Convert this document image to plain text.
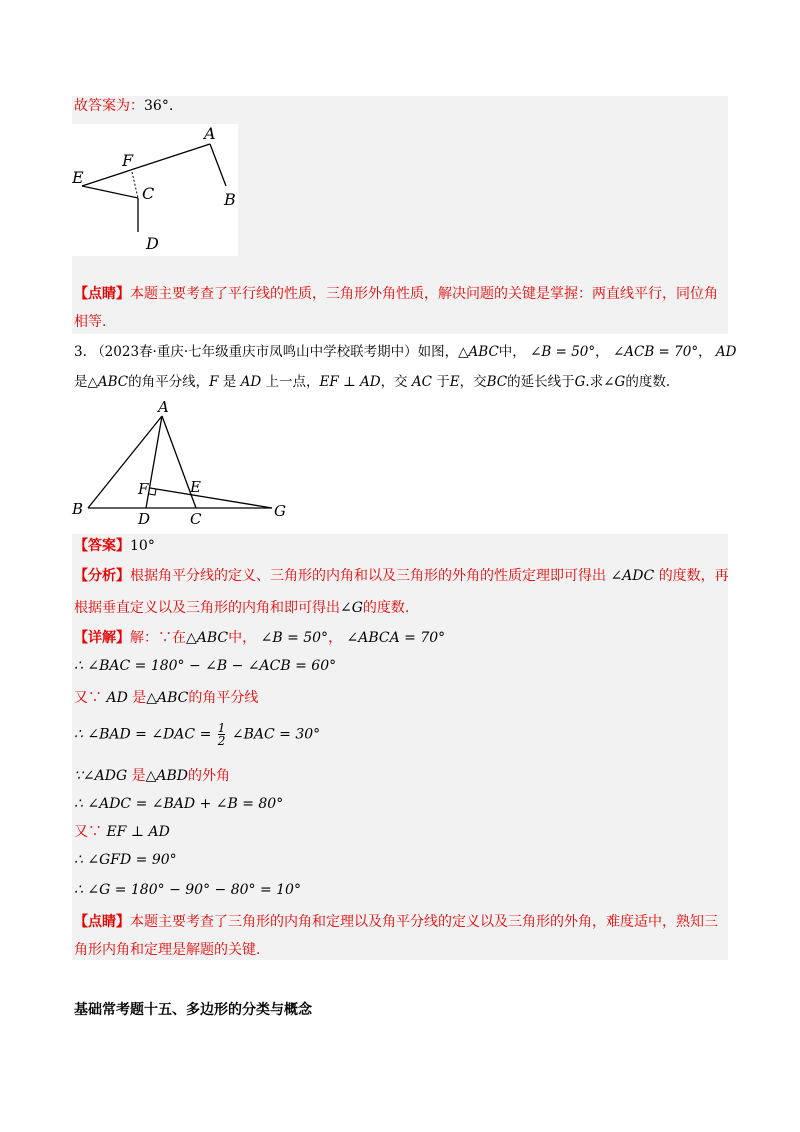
故答案为：36°.
A
B
C
D
E
F
【点睛】本题主要考查了平行线的性质，三角形外角性质，解决问题的关键是掌握：两直线平行，同位角
相等.
3. （2023春·重庆·七年级重庆市凤鸣山中学校联考期中）如图，△ABC中， ∠B = 50°， ∠ACB = 70°， AD
是△ABC的角平分线，F 是 AD 上一点，EF ⊥ AD，交 AC 于E，交BC的延长线于G.求∠G的度数.
A
B
C
D
E
F
G
【答案】10°
【分析】根据角平分线的定义、三角形的内角和以及三角形的外角的性质定理即可得出 ∠ADC 的度数，再
根据垂直定义以及三角形的内角和即可得出∠G的度数.
【详解】解：∵在△ABC中， ∠B = 50°， ∠ABCA = 70°
∴ ∠BAC = 180° − ∠B − ∠ACB = 60°
又∵ AD 是△ABC的角平分线
∴ ∠BAD = ∠DAC = $\frac{1}{2}$ ∠BAC = 30°
∵∠ADG 是△ABD的外角
∴ ∠ADC = ∠BAD + ∠B = 80°
又∵ EF ⊥ AD
∴ ∠GFD = 90°
∴ ∠G = 180° − 90° − 80° = 10°
【点睛】本题主要考查了三角形的内角和定理以及角平分线的定义以及三角形的外角，难度适中，熟知三
角形内角和定理是解题的关键.
基础常考题十五、多边形的分类与概念
